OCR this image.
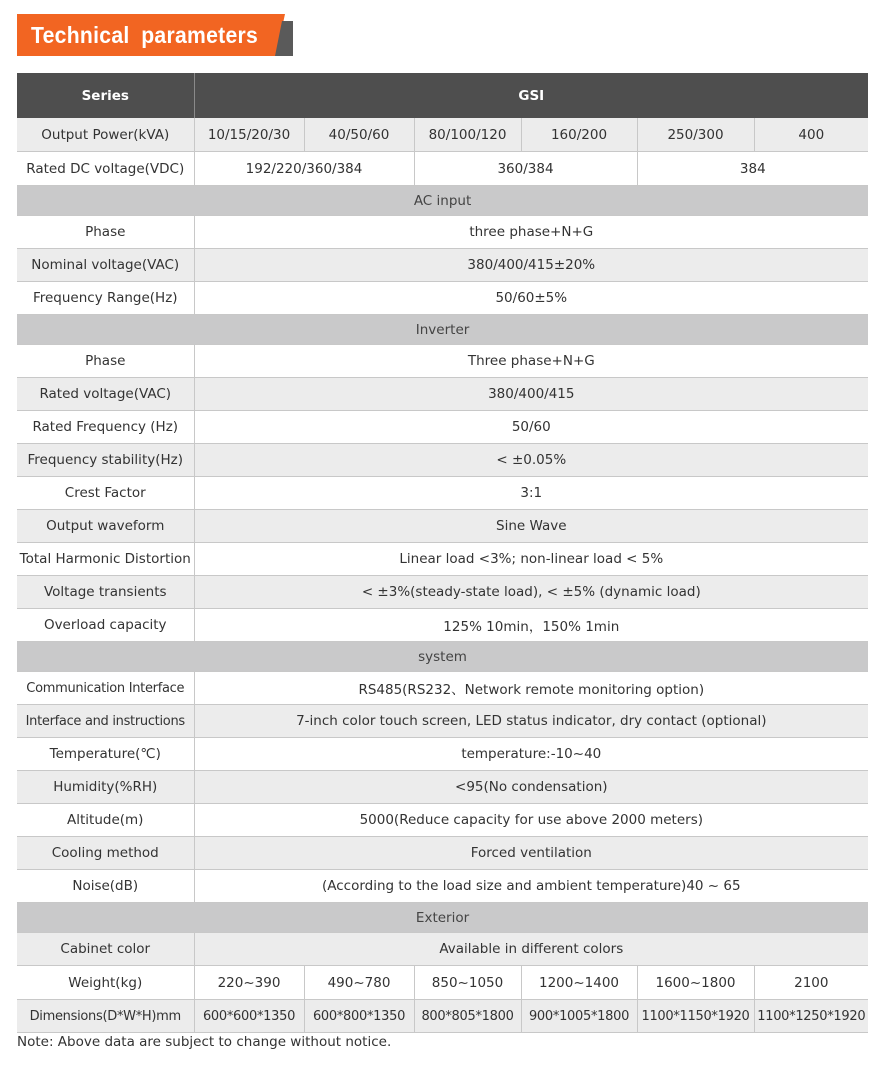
Technical parameters
Series	GSI					
Output Power(kVA)	10/15/20/30	40/50/60	80/100/120	160/200	250/300	400
Rated DC voltage(VDC)	192/220/360/384		360/384		384	
AC input						
Phase	three phase+N+G					
Nominal voltage(VAC)	380/400/415±20%					
Frequency Range(Hz)	50/60±5%					
Inverter						
Phase	Three phase+N+G					
Rated voltage(VAC)	380/400/415					
Rated Frequency (Hz)	50/60					
Frequency stability(Hz)	< ±0.05%					
Crest Factor	3:1					
Output waveform	Sine Wave					
Total Harmonic Distortion	Linear load <3%; non-linear load < 5%					
Voltage transients	< ±3%(steady-state load), < ±5% (dynamic load)					
Overload capacity	125% 10min，150% 1min					
system						
Communication Interface	RS485(RS232、Network remote monitoring option)					
Interface and instructions	7-inch color touch screen, LED status indicator, dry contact (optional)					
Temperature(℃)	temperature:-10~40					
Humidity(%RH)	<95(No condensation)					
Altitude(m)	5000(Reduce capacity for use above 2000 meters)					
Cooling method	Forced ventilation					
Noise(dB)	(According to the load size and ambient temperature)40 ~ 65					
Exterior						
Cabinet color	Available in different colors					
Weight(kg)	220~390	490~780	850~1050	1200~1400	1600~1800	2100
Dimensions(D*W*H)mm	600*600*1350	600*800*1350	800*805*1800	900*1005*1800	1100*1150*1920	1100*1250*1920
Note: Above data are subject to change without notice.
